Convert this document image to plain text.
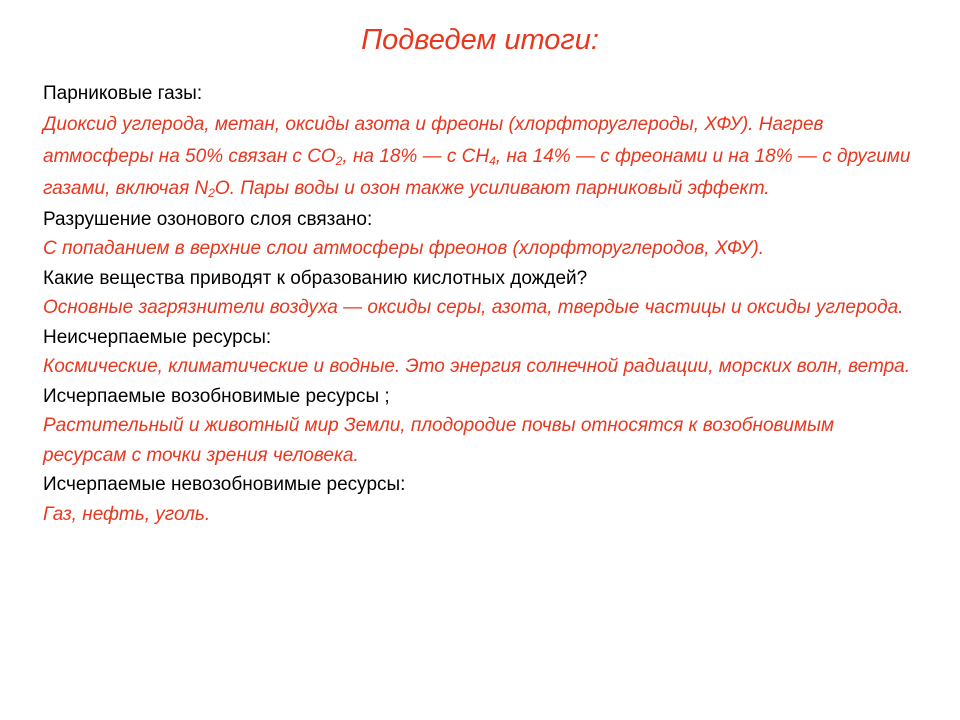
Подведем итоги:
Парниковые газы:
Диоксид углерода, метан, оксиды азота и фреоны (хлорфторуглероды, ХФУ). Нагрев атмосферы на 50% связан с $CO_2$, на 18% — с $CH_4$, на 14% — с фреонами и на 18% — с другими газами, включая $N_2O$. Пары воды и озон также усиливают парниковый эффект.
Разрушение озонового слоя связано:
С попаданием в верхние слои атмосферы фреонов (хлорфторуглеродов, ХФУ).
Какие вещества приводят к образованию кислотных дождей?
Основные загрязнители воздуха — оксиды серы, азота, твердые частицы и оксиды углерода.
Неисчерпаемые ресурсы:
Космические, климатические и водные. Это энергия солнечной радиации, морских волн, ветра.
Исчерпаемые возобновимые ресурсы ;
Растительный и животный мир Земли, плодородие почвы относятся к возобновимым ресурсам с точки зрения человека.
Исчерпаемые невозобновимые ресурсы:
Газ, нефть, уголь.
